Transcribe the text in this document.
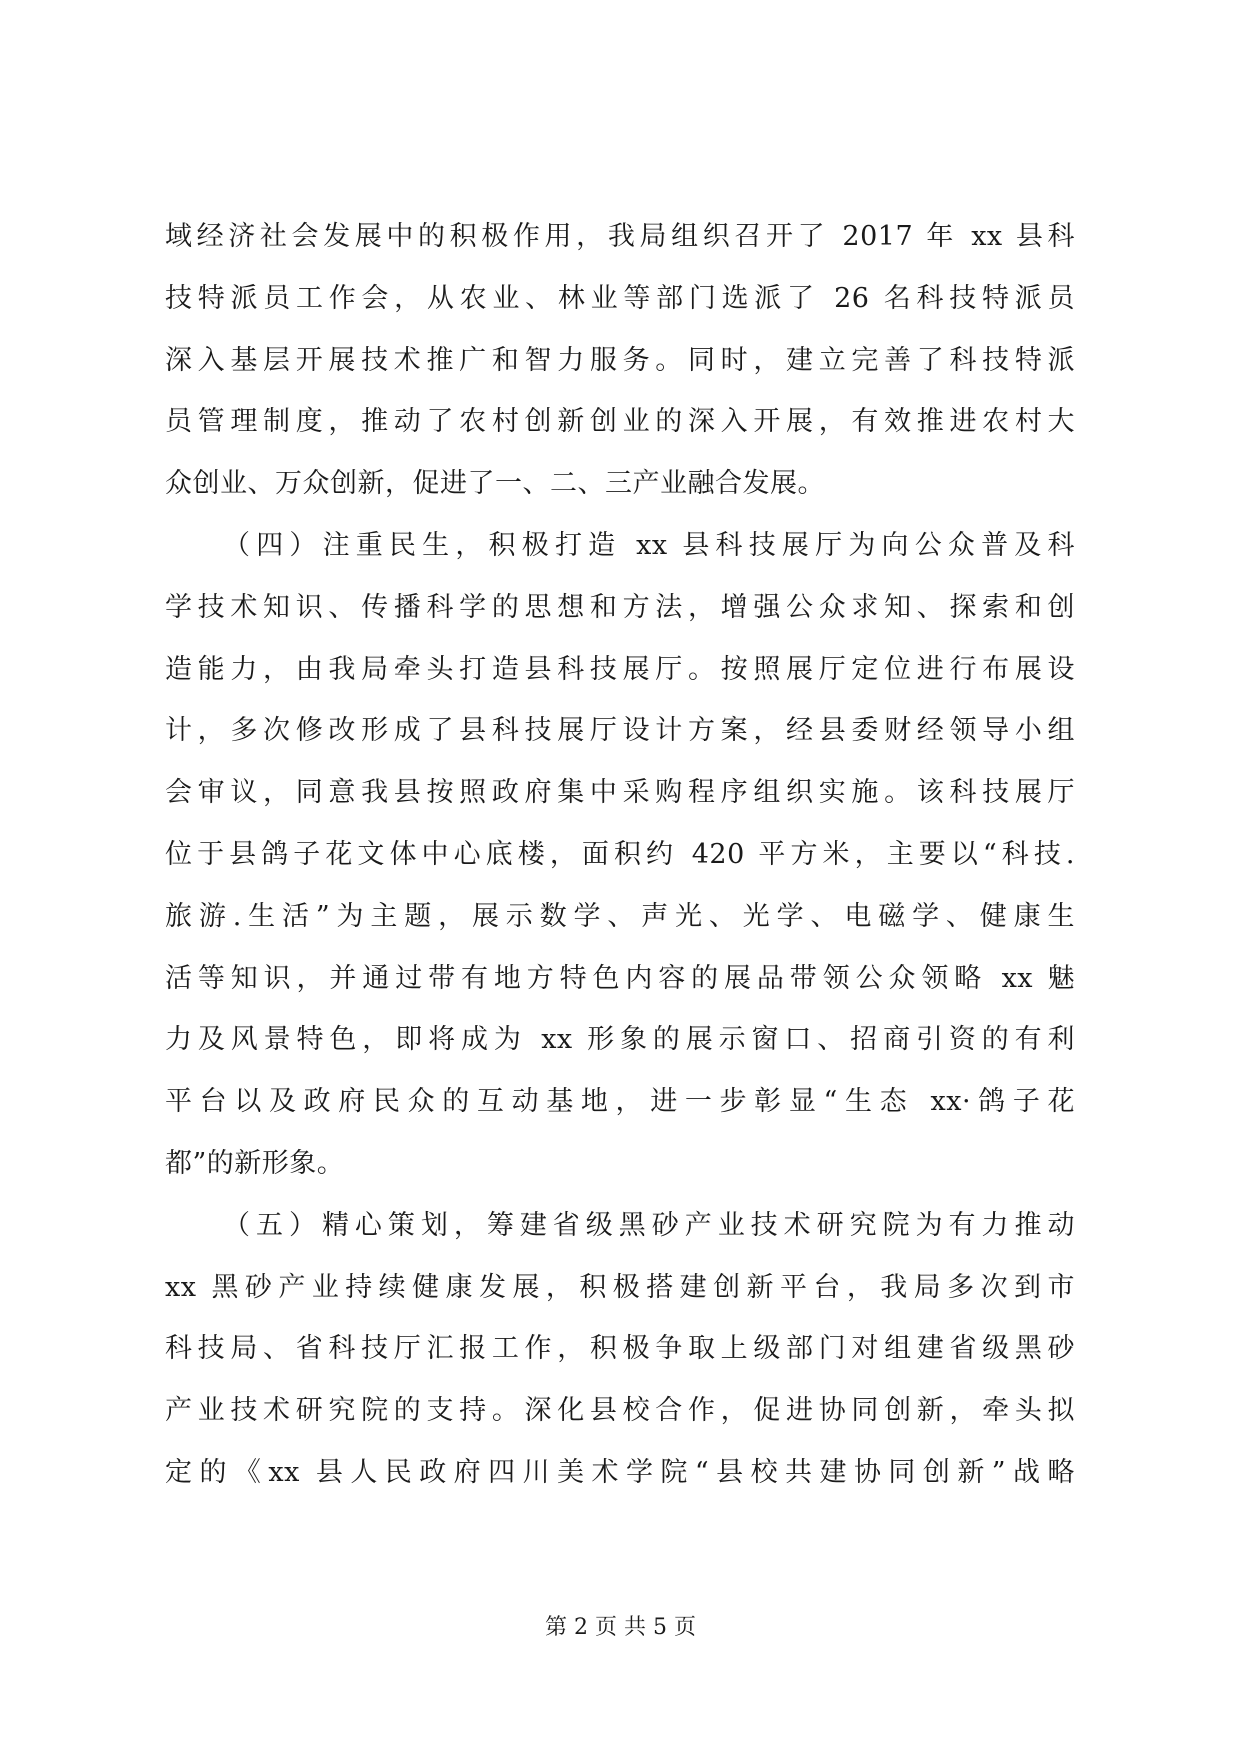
域经济社会发展中的积极作用，我局组织召开了 2017 年 xx 县科
技特派员工作会，从农业、林业等部门选派了 26 名科技特派员
深入基层开展技术推广和智力服务。同时，建立完善了科技特派
员管理制度，推动了农村创新创业的深入开展，有效推进农村大
众创业、万众创新，促进了一、二、三产业融合发展。
（四）注重民生，积极打造 xx 县科技展厅为向公众普及科
学技术知识、传播科学的思想和方法，增强公众求知、探索和创
造能力，由我局牵头打造县科技展厅。按照展厅定位进行布展设
计，多次修改形成了县科技展厅设计方案，经县委财经领导小组
会审议，同意我县按照政府集中采购程序组织实施。该科技展厅
位于县鸽子花文体中心底楼，面积约 420 平方米，主要以“科技.
旅游.生活”为主题，展示数学、声光、光学、电磁学、健康生
活等知识，并通过带有地方特色内容的展品带领公众领略 xx 魅
力及风景特色，即将成为 xx 形象的展示窗口、招商引资的有利
平台以及政府民众的互动基地，进一步彰显“生态 xx·鸽子花
都”的新形象。
（五）精心策划，筹建省级黑砂产业技术研究院为有力推动
xx 黑砂产业持续健康发展，积极搭建创新平台，我局多次到市
科技局、省科技厅汇报工作，积极争取上级部门对组建省级黑砂
产业技术研究院的支持。深化县校合作，促进协同创新，牵头拟
定的《xx 县人民政府四川美术学院“县校共建协同创新”战略
第 2 页 共 5 页
